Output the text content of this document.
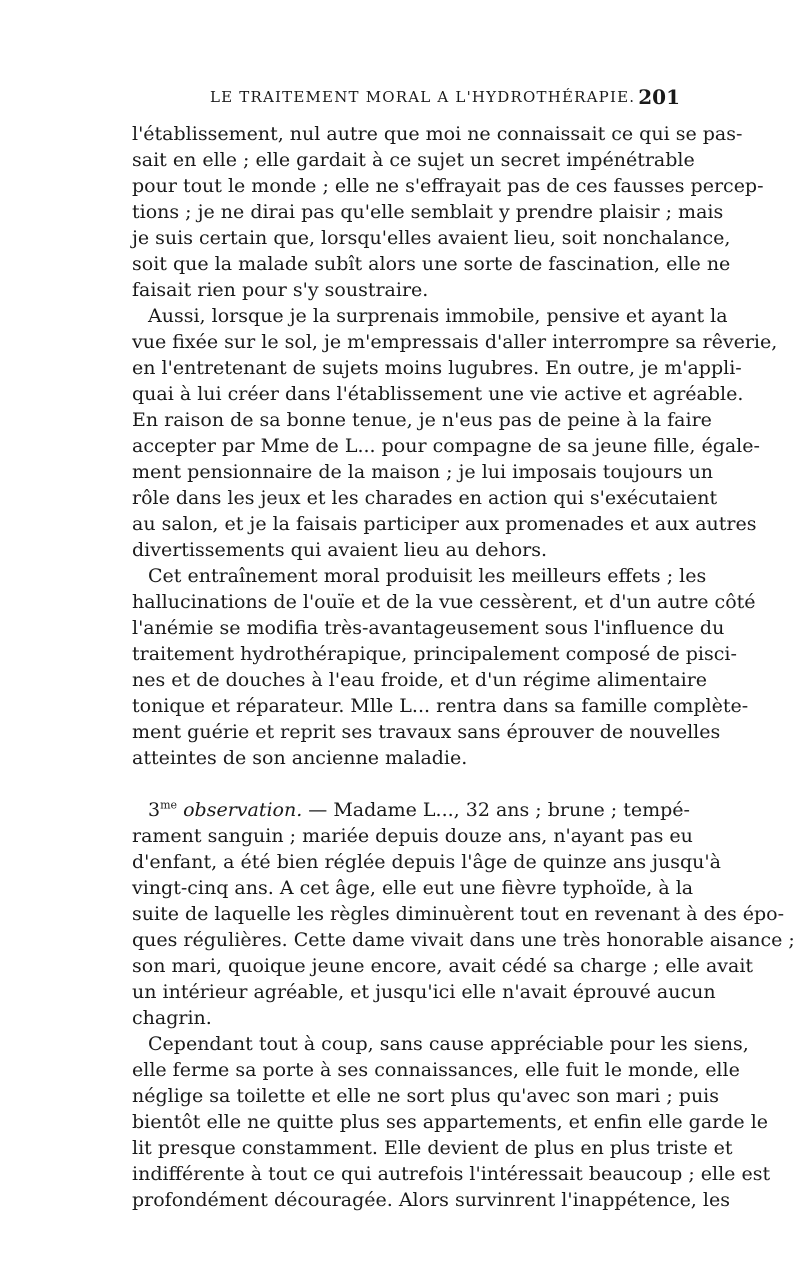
LE TRAITEMENT MORAL A L'HYDROTHÉRAPIE. 201
l'établissement, nul autre que moi ne connaissait ce qui se pas-
sait en elle ; elle gardait à ce sujet un secret impénétrable
pour tout le monde ; elle ne s'effrayait pas de ces fausses percep-
tions ; je ne dirai pas qu'elle semblait y prendre plaisir ; mais
je suis certain que, lorsqu'elles avaient lieu, soit nonchalance,
soit que la malade subît alors une sorte de fascination, elle ne
faisait rien pour s'y soustraire.
Aussi, lorsque je la surprenais immobile, pensive et ayant la
vue fixée sur le sol, je m'empressais d'aller interrompre sa rêverie,
en l'entretenant de sujets moins lugubres. En outre, je m'appli-
quai à lui créer dans l'établissement une vie active et agréable.
En raison de sa bonne tenue, je n'eus pas de peine à la faire
accepter par Mme de L... pour compagne de sa jeune fille, égale-
ment pensionnaire de la maison ; je lui imposais toujours un
rôle dans les jeux et les charades en action qui s'exécutaient
au salon, et je la faisais participer aux promenades et aux autres
divertissements qui avaient lieu au dehors.
Cet entraînement moral produisit les meilleurs effets ; les
hallucinations de l'ouïe et de la vue cessèrent, et d'un autre côté
l'anémie se modifia très-avantageusement sous l'influence du
traitement hydrothérapique, principalement composé de pisci-
nes et de douches à l'eau froide, et d'un régime alimentaire
tonique et réparateur. Mlle L... rentra dans sa famille complète-
ment guérie et reprit ses travaux sans éprouver de nouvelles
atteintes de son ancienne maladie.
$3^{me}$ observation. — Madame L..., 32 ans ; brune ; tempé-
rament sanguin ; mariée depuis douze ans, n'ayant pas eu
d'enfant, a été bien réglée depuis l'âge de quinze ans jusqu'à
vingt-cinq ans. A cet âge, elle eut une fièvre typhoïde, à la
suite de laquelle les règles diminuèrent tout en revenant à des épo-
ques régulières. Cette dame vivait dans une très honorable aisance ;
son mari, quoique jeune encore, avait cédé sa charge ; elle avait
un intérieur agréable, et jusqu'ici elle n'avait éprouvé aucun
chagrin.
Cependant tout à coup, sans cause appréciable pour les siens,
elle ferme sa porte à ses connaissances, elle fuit le monde, elle
néglige sa toilette et elle ne sort plus qu'avec son mari ; puis
bientôt elle ne quitte plus ses appartements, et enfin elle garde le
lit presque constamment. Elle devient de plus en plus triste et
indifférente à tout ce qui autrefois l'intéressait beaucoup ; elle est
profondément découragée. Alors survinrent l'inappétence, les
